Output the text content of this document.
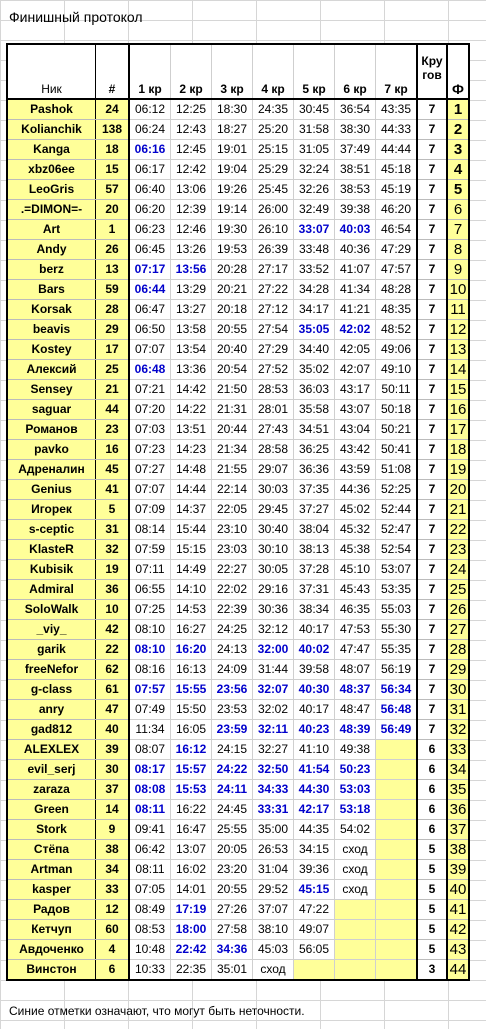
Финишный протокол
Ник	#	1 кр	2 кр	3 кр	4 кр	5 кр	6 кр	7 кр	Кру
гов	Ф
Pashok	24	06:12	12:25	18:30	24:35	30:45	36:54	43:35	7	1
Kolianchik	138	06:24	12:43	18:27	25:20	31:58	38:30	44:33	7	2
Kanga	18	06:16	12:45	19:01	25:15	31:05	37:49	44:44	7	3
xbz06ee	15	06:17	12:42	19:04	25:29	32:24	38:51	45:18	7	4
LeoGris	57	06:40	13:06	19:26	25:45	32:26	38:53	45:19	7	5
.=DIMON=-	20	06:20	12:39	19:14	26:00	32:49	39:38	46:20	7	6
Art	1	06:23	12:46	19:30	26:10	33:07	40:03	46:54	7	7
Andy	26	06:45	13:26	19:53	26:39	33:48	40:36	47:29	7	8
berz	13	07:17	13:56	20:28	27:17	33:52	41:07	47:57	7	9
Bars	59	06:44	13:29	20:21	27:22	34:28	41:34	48:28	7	10
Korsak	28	06:47	13:27	20:18	27:12	34:17	41:21	48:35	7	11
beavis	29	06:50	13:58	20:55	27:54	35:05	42:02	48:52	7	12
Kostey	17	07:07	13:54	20:40	27:29	34:40	42:05	49:06	7	13
Алексий	25	06:48	13:36	20:54	27:52	35:02	42:07	49:10	7	14
Sensey	21	07:21	14:42	21:50	28:53	36:03	43:17	50:11	7	15
saguar	44	07:20	14:22	21:31	28:01	35:58	43:07	50:18	7	16
Романов	23	07:03	13:51	20:44	27:43	34:51	43:04	50:21	7	17
pavko	16	07:23	14:23	21:34	28:58	36:25	43:42	50:41	7	18
Адреналин	45	07:27	14:48	21:55	29:07	36:36	43:59	51:08	7	19
Genius	41	07:07	14:44	22:14	30:03	37:35	44:36	52:25	7	20
Игорек	5	07:09	14:37	22:05	29:45	37:27	45:02	52:44	7	21
s-ceptic	31	08:14	15:44	23:10	30:40	38:04	45:32	52:47	7	22
KlasteR	32	07:59	15:15	23:03	30:10	38:13	45:38	52:54	7	23
Kubisik	19	07:11	14:49	22:27	30:05	37:28	45:10	53:07	7	24
Admiral	36	06:55	14:10	22:02	29:16	37:31	45:43	53:35	7	25
SoloWalk	10	07:25	14:53	22:39	30:36	38:34	46:35	55:03	7	26
_viy_	42	08:10	16:27	24:25	32:12	40:17	47:53	55:30	7	27
garik	22	08:10	16:20	24:13	32:00	40:02	47:47	55:35	7	28
freeNefor	62	08:16	16:13	24:09	31:44	39:58	48:07	56:19	7	29
g-class	61	07:57	15:55	23:56	32:07	40:30	48:37	56:34	7	30
anry	47	07:49	15:50	23:53	32:02	40:17	48:47	56:48	7	31
gad812	40	11:34	16:05	23:59	32:11	40:23	48:39	56:49	7	32
ALEXLEX	39	08:07	16:12	24:15	32:27	41:10	49:38		6	33
evil_serj	30	08:17	15:57	24:22	32:50	41:54	50:23		6	34
zaraza	37	08:08	15:53	24:11	34:33	44:30	53:03		6	35
Green	14	08:11	16:22	24:45	33:31	42:17	53:18		6	36
Stork	9	09:41	16:47	25:55	35:00	44:35	54:02		6	37
Стёпа	38	06:42	13:07	20:05	26:53	34:15	сход		5	38
Artman	34	08:11	16:02	23:20	31:04	39:36	сход		5	39
kasper	33	07:05	14:01	20:55	29:52	45:15	сход		5	40
Радов	12	08:49	17:19	27:26	37:07	47:22			5	41
Кетчуп	60	08:53	18:00	27:58	38:10	49:07			5	42
Авдоченко	4	10:48	22:42	34:36	45:03	56:05			5	43
Винстон	6	10:33	22:35	35:01	сход				3	44
Синие отметки означают, что могут быть неточности.
